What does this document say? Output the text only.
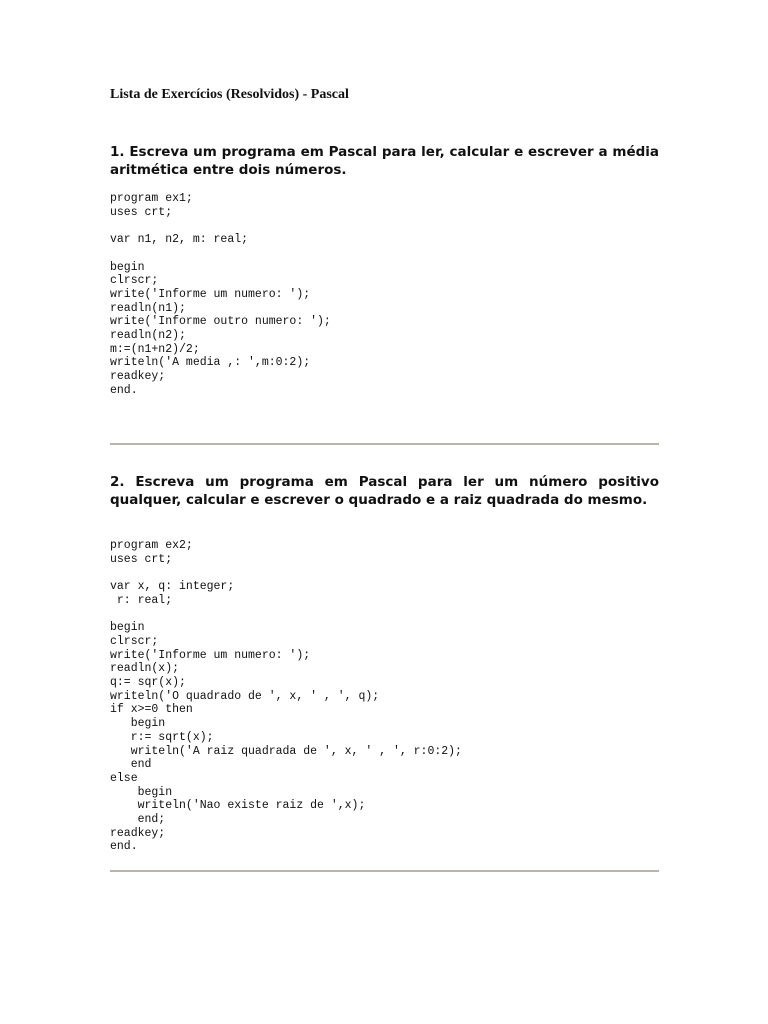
Lista de Exercícios (Resolvidos) - Pascal

1. Escreva um programa em Pascal para ler, calcular e escrever a média aritmética entre dois números.

program ex1;
uses crt;

var n1, n2, m: real;

begin
clrscr;
write('Informe um numero: ');
readln(n1);
write('Informe outro numero: ');
readln(n2);
m:=(n1+n2)/2;
writeln('A media ,: ',m:0:2);
readkey;
end.

2. Escreva um programa em Pascal para ler um número positivo qualquer, calcular e escrever o quadrado e a raiz quadrada do mesmo.

program ex2;
uses crt;

var x, q: integer;
r: real;

begin
clrscr;
write('Informe um numero: ');
readln(x);
q:= sqr(x);
writeln('O quadrado de ', x, ' , ', q);
if x>=0 then
begin
r:= sqrt(x);
writeln('A raiz quadrada de ', x, ' , ', r:0:2);
end
else
begin
writeln('Nao existe raiz de ',x);
end;
readkey;
end.
